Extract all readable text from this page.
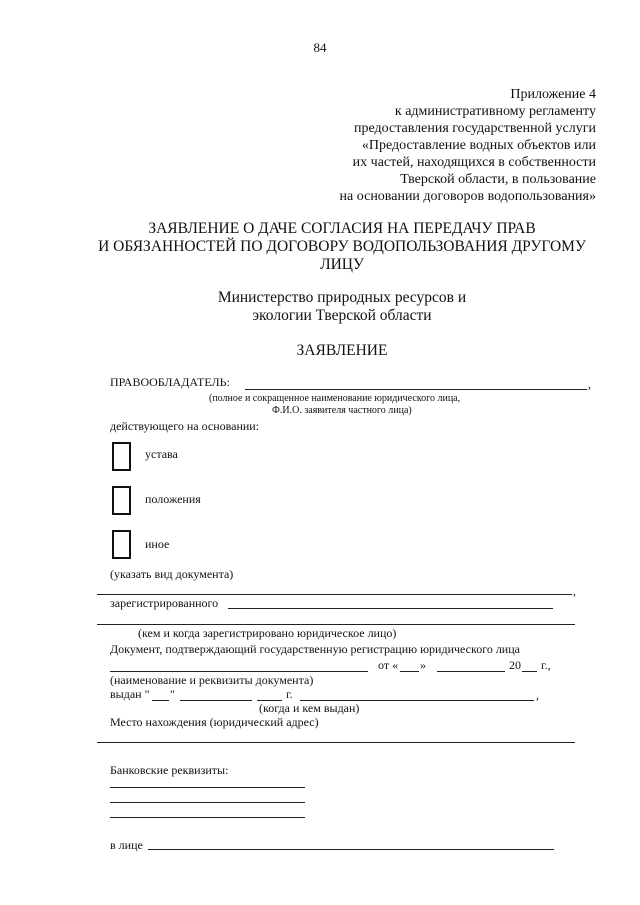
84
Приложение 4
к административному регламенту
предоставления государственной услуги
«Предоставление водных объектов или
их частей, находящихся в собственности
Тверской области, в пользование
на основании договоров водопользования»
ЗАЯВЛЕНИЕ О ДАЧЕ СОГЛАСИЯ НА ПЕРЕДАЧУ ПРАВ
И ОБЯЗАННОСТЕЙ ПО ДОГОВОРУ ВОДОПОЛЬЗОВАНИЯ ДРУГОМУ
ЛИЦУ
Министерство природных ресурсов и
экологии Тверской области
ЗАЯВЛЕНИЕ
ПРАВООБЛАДАТЕЛЬ:	,
(полное и сокращенное наименование юридического лица,
Ф.И.О. заявителя частного лица)
действующего на основании:
устава
положения
иное
(указать вид документа)
,
зарегистрированного
(кем и когда зарегистрировано юридическое лицо)
Документ, подтверждающий государственную регистрацию юридического лица
от « »	20 г.,
(наименование и реквизиты документа)
выдан " "	г.	,
(когда и кем выдан)
Место нахождения (юридический адрес)
Банковские реквизиты:
в лице
